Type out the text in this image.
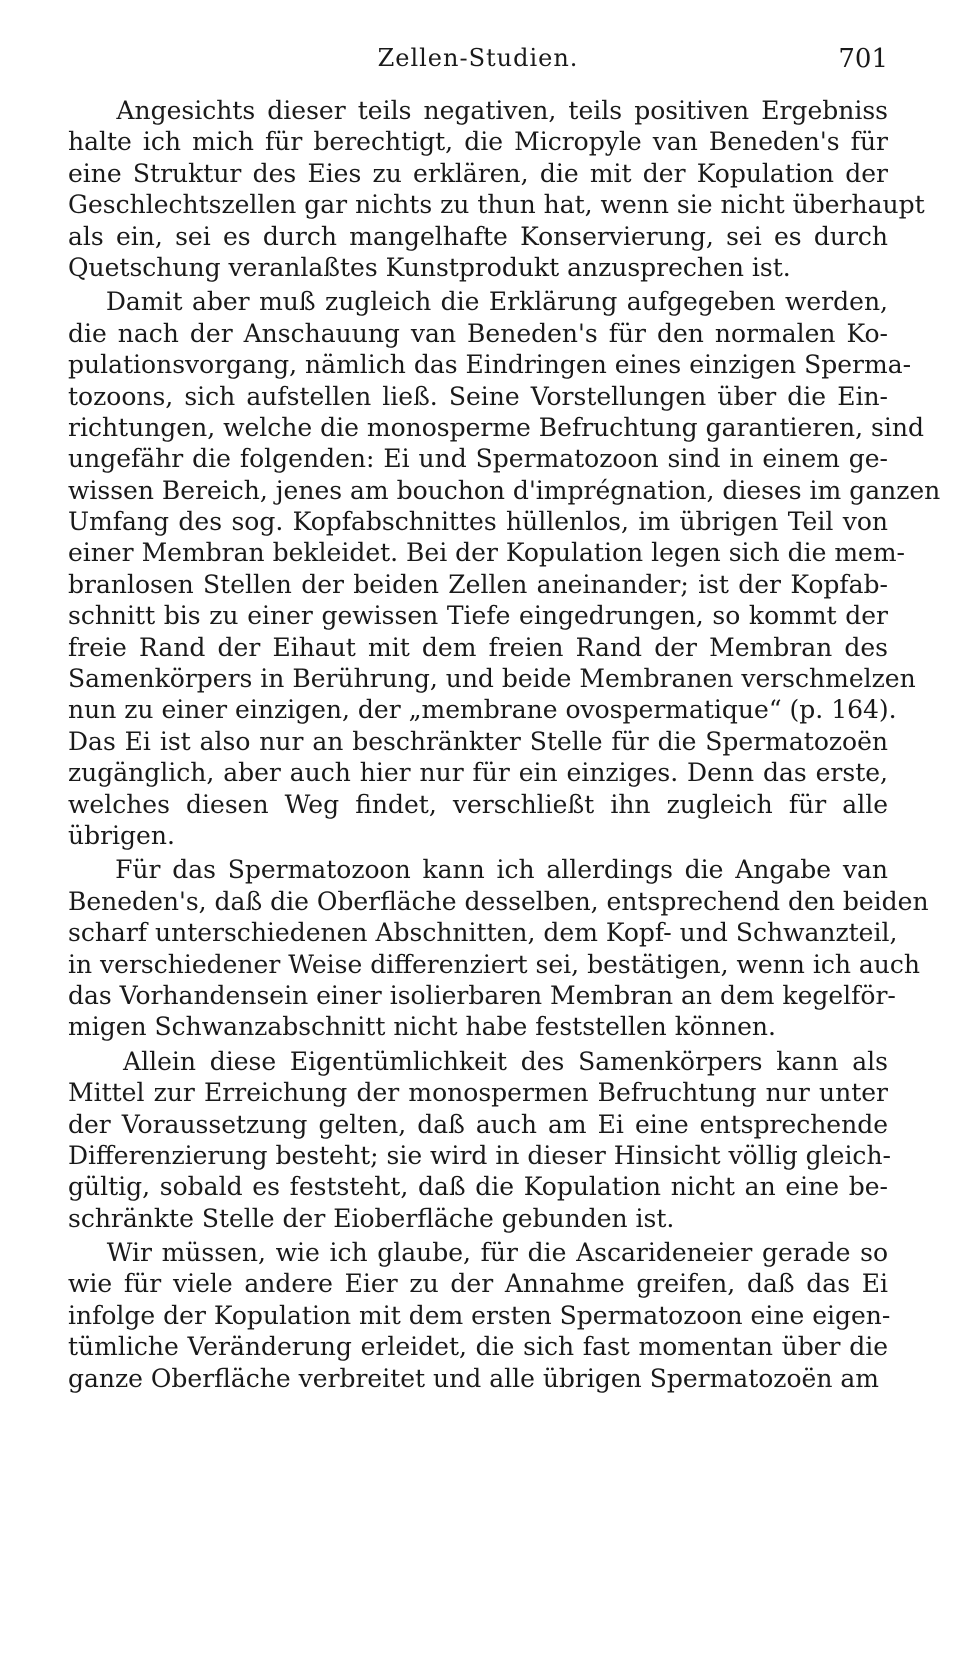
Zellen-Studien.	701
Angesichts dieser teils negativen, teils positiven Ergebniss
halte ich mich für berechtigt, die Micropyle van Beneden's für
eine Struktur des Eies zu erklären, die mit der Kopulation der
Geschlechtszellen gar nichts zu thun hat, wenn sie nicht überhaupt
als ein, sei es durch mangelhafte Konservierung, sei es durch
Quetschung veranlaßtes Kunstprodukt anzusprechen ist.
Damit aber muß zugleich die Erklärung aufgegeben werden,
die nach der Anschauung van Beneden's für den normalen Ko-
pulationsvorgang, nämlich das Eindringen eines einzigen Sperma-
tozoons, sich aufstellen ließ. Seine Vorstellungen über die Ein-
richtungen, welche die monosperme Befruchtung garantieren, sind
ungefähr die folgenden: Ei und Spermatozoon sind in einem ge-
wissen Bereich, jenes am bouchon d'imprégnation, dieses im ganzen
Umfang des sog. Kopfabschnittes hüllenlos, im übrigen Teil von
einer Membran bekleidet. Bei der Kopulation legen sich die mem-
branlosen Stellen der beiden Zellen aneinander; ist der Kopfab-
schnitt bis zu einer gewissen Tiefe eingedrungen, so kommt der
freie Rand der Eihaut mit dem freien Rand der Membran des
Samenkörpers in Berührung, und beide Membranen verschmelzen
nun zu einer einzigen, der „membrane ovospermatique“ (p. 164).
Das Ei ist also nur an beschränkter Stelle für die Spermatozoën
zugänglich, aber auch hier nur für ein einziges. Denn das erste,
welches diesen Weg findet, verschließt ihn zugleich für alle
übrigen.
Für das Spermatozoon kann ich allerdings die Angabe van
Beneden's, daß die Oberfläche desselben, entsprechend den beiden
scharf unterschiedenen Abschnitten, dem Kopf- und Schwanzteil,
in verschiedener Weise differenziert sei, bestätigen, wenn ich auch
das Vorhandensein einer isolierbaren Membran an dem kegelför-
migen Schwanzabschnitt nicht habe feststellen können.
Allein diese Eigentümlichkeit des Samenkörpers kann als
Mittel zur Erreichung der monospermen Befruchtung nur unter
der Voraussetzung gelten, daß auch am Ei eine entsprechende
Differenzierung besteht; sie wird in dieser Hinsicht völlig gleich-
gültig, sobald es feststeht, daß die Kopulation nicht an eine be-
schränkte Stelle der Eioberfläche gebunden ist.
Wir müssen, wie ich glaube, für die Ascarideneier gerade so
wie für viele andere Eier zu der Annahme greifen, daß das Ei
infolge der Kopulation mit dem ersten Spermatozoon eine eigen-
tümliche Veränderung erleidet, die sich fast momentan über die
ganze Oberfläche verbreitet und alle übrigen Spermatozoën am
